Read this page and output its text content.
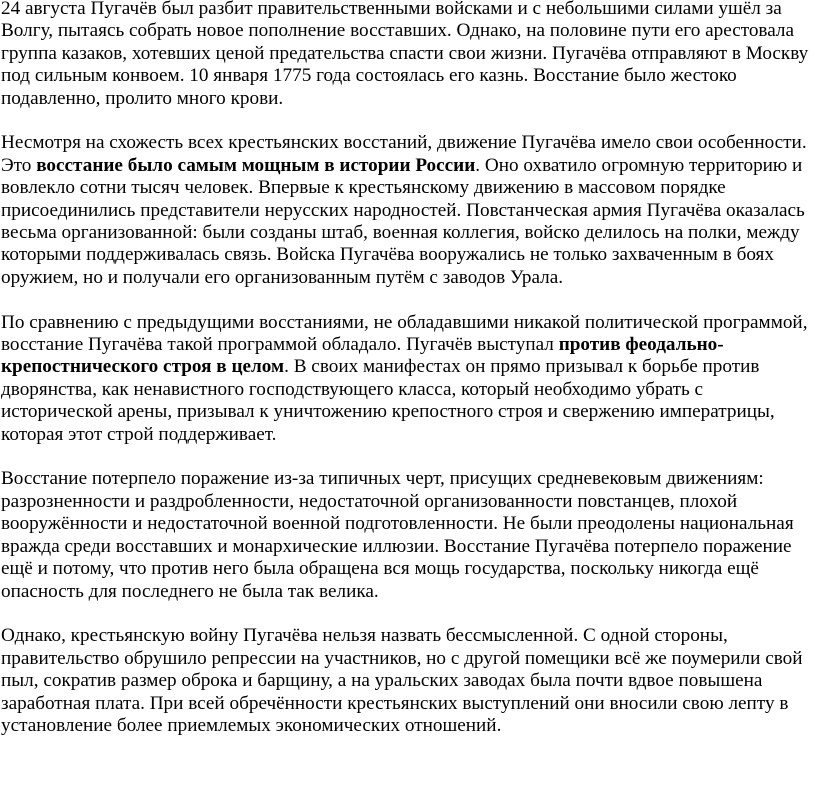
24 августа Пугачёв был разбит правительственными войсками и с небольшими силами ушёл за Волгу, пытаясь собрать новое пополнение восставших. Однако, на половине пути его арестовала группа казаков, хотевших ценой предательства спасти свои жизни. Пугачёва отправляют в Москву под сильным конвоем. 10 января 1775 года состоялась его казнь. Восстание было жестоко подавленно, пролито много крови.

Несмотря на схожесть всех крестьянских восстаний, движение Пугачёва имело свои особенности. Это восстание было самым мощным в истории России. Оно охватило огромную территорию и вовлекло сотни тысяч человек. Впервые к крестьянскому движению в массовом порядке присоединились представители нерусских народностей. Повстанческая армия Пугачёва оказалась весьма организованной: были созданы штаб, военная коллегия, войско делилось на полки, между которыми поддерживалась связь. Войска Пугачёва вооружались не только захваченным в боях оружием, но и получали его организованным путём с заводов Урала.

По сравнению с предыдущими восстаниями, не обладавшими никакой политической программой, восстание Пугачёва такой программой обладало. Пугачёв выступал против феодально-крепостнического строя в целом. В своих манифестах он прямо призывал к борьбе против дворянства, как ненавистного господствующего класса, который необходимо убрать с исторической арены, призывал к уничтожению крепостного строя и свержению императрицы, которая этот строй поддерживает.

Восстание потерпело поражение из-за типичных черт, присущих средневековым движениям: разрозненности и раздробленности, недостаточной организованности повстанцев, плохой вооружённости и недостаточной военной подготовленности. Не были преодолены национальная вражда среди восставших и монархические иллюзии. Восстание Пугачёва потерпело поражение ещё и потому, что против него была обращена вся мощь государства, поскольку никогда ещё опасность для последнего не была так велика.

Однако, крестьянскую войну Пугачёва нельзя назвать бессмысленной. С одной стороны, правительство обрушило репрессии на участников, но с другой помещики всё же поумерили свой пыл, сократив размер оброка и барщину, а на уральских заводах была почти вдвое повышена заработная плата. При всей обречённости крестьянских выступлений они вносили свою лепту в установление более приемлемых экономических отношений.
